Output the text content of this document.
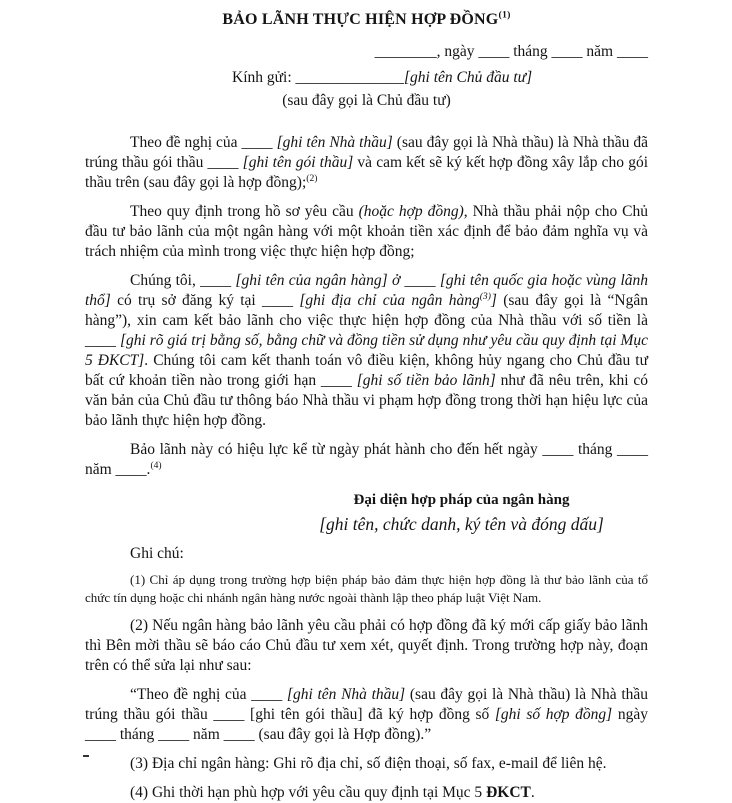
BẢO LÃNH THỰC HIỆN HỢP ĐỒNG$^{(1)}$
________, ngày ____ tháng ____ năm ____
Kính gửi: ______________[ghi tên Chủ đầu tư]
(sau đây gọi là Chủ đầu tư)

Theo đề nghị của ____ [ghi tên Nhà thầu] (sau đây gọi là Nhà thầu) là Nhà thầu đã trúng thầu gói thầu ____ [ghi tên gói thầu] và cam kết sẽ ký kết hợp đồng xây lắp cho gói thầu trên (sau đây gọi là hợp đồng);$^{(2)}$

Theo quy định trong hồ sơ yêu cầu (hoặc hợp đồng), Nhà thầu phải nộp cho Chủ đầu tư bảo lãnh của một ngân hàng với một khoản tiền xác định để bảo đảm nghĩa vụ và trách nhiệm của mình trong việc thực hiện hợp đồng;

Chúng tôi, ____ [ghi tên của ngân hàng] ở ____ [ghi tên quốc gia hoặc vùng lãnh thổ] có trụ sở đăng ký tại ____ [ghi địa chỉ của ngân hàng$^{(3)}$] (sau đây gọi là “Ngân hàng”), xin cam kết bảo lãnh cho việc thực hiện hợp đồng của Nhà thầu với số tiền là ____ [ghi rõ giá trị bằng số, bằng chữ và đồng tiền sử dụng như yêu cầu quy định tại Mục 5 ĐKCT]. Chúng tôi cam kết thanh toán vô điều kiện, không hủy ngang cho Chủ đầu tư bất cứ khoản tiền nào trong giới hạn ____ [ghi số tiền bảo lãnh] như đã nêu trên, khi có văn bản của Chủ đầu tư thông báo Nhà thầu vi phạm hợp đồng trong thời hạn hiệu lực của bảo lãnh thực hiện hợp đồng.

Bảo lãnh này có hiệu lực kể từ ngày phát hành cho đến hết ngày ____ tháng ____ năm ____.$^{(4)}$

Đại diện hợp pháp của ngân hàng
[ghi tên, chức danh, ký tên và đóng dấu]
Ghi chú:

(1) Chỉ áp dụng trong trường hợp biện pháp bảo đảm thực hiện hợp đồng là thư bảo lãnh của tổ chức tín dụng hoặc chi nhánh ngân hàng nước ngoài thành lập theo pháp luật Việt Nam.

(2) Nếu ngân hàng bảo lãnh yêu cầu phải có hợp đồng đã ký mới cấp giấy bảo lãnh thì Bên mời thầu sẽ báo cáo Chủ đầu tư xem xét, quyết định. Trong trường hợp này, đoạn trên có thể sửa lại như sau:

“Theo đề nghị của ____ [ghi tên Nhà thầu] (sau đây gọi là Nhà thầu) là Nhà thầu trúng thầu gói thầu ____ [ghi tên gói thầu] đã ký hợp đồng số [ghi số hợp đồng] ngày ____ tháng ____ năm ____ (sau đây gọi là Hợp đồng).”

(3) Địa chỉ ngân hàng: Ghi rõ địa chỉ, số điện thoại, số fax, e-mail để liên hệ.

(4) Ghi thời hạn phù hợp với yêu cầu quy định tại Mục 5 ĐKCT.
